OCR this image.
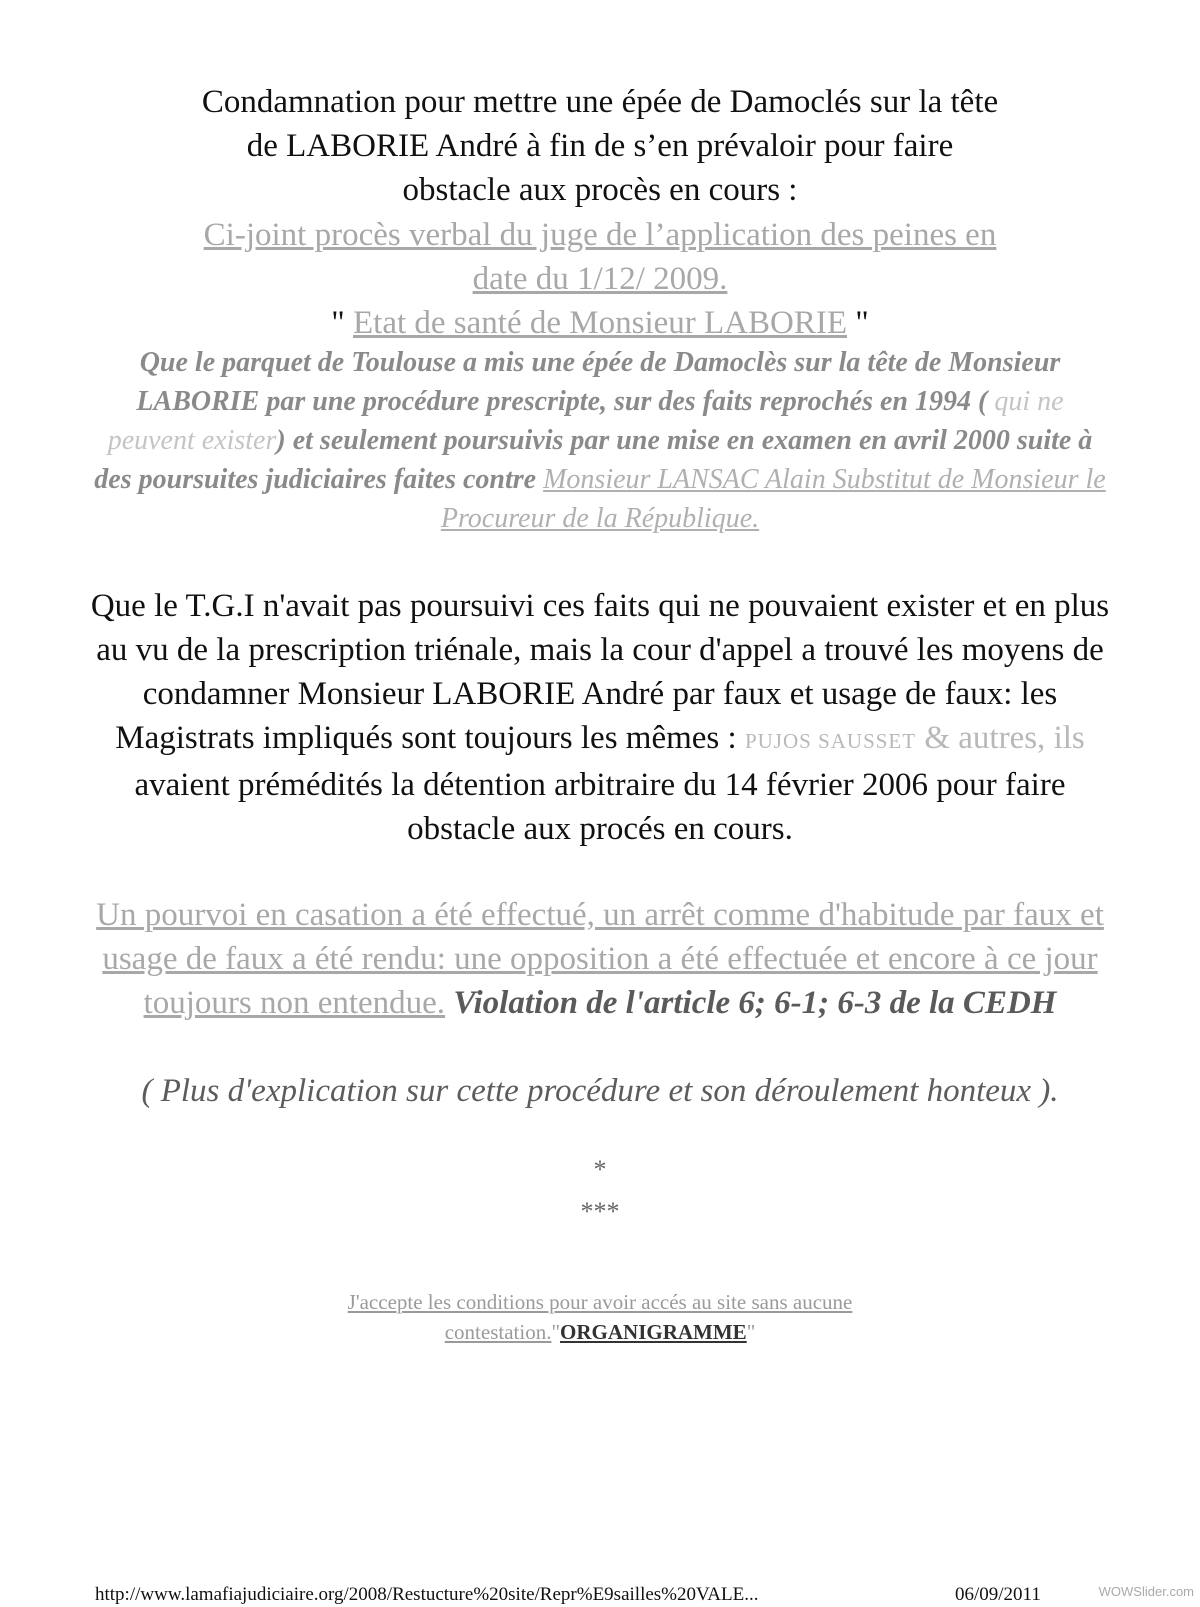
Condamnation pour mettre une épée de Damoclés sur la tête
de LABORIE André à fin de s’en prévaloir pour faire
obstacle aux procès en cours :
Ci-joint procès verbal du juge de l’application des peines en
date du 1/12/ 2009.
" Etat de santé de Monsieur LABORIE "
Que le parquet de Toulouse a mis une épée de Damoclès sur la tête de Monsieur LABORIE par une procédure prescripte, sur des faits reprochés en 1994 ( qui ne peuvent exister) et seulement poursuivis par une mise en examen en avril 2000 suite à des poursuites judiciaires faites contre Monsieur LANSAC Alain Substitut de Monsieur le Procureur de la République.
Que le T.G.I n'avait pas poursuivi ces faits qui ne pouvaient exister et en plus au vu de la prescription triénale, mais la cour d'appel a trouvé les moyens de condamner Monsieur LABORIE André par faux et usage de faux: les Magistrats impliqués sont toujours les mêmes : PUJOS SAUSSET & autres, ils avaient prémédités la détention arbitraire du 14 février 2006 pour faire obstacle aux procés en cours.
Un pourvoi en casation a été effectué, un arrêt comme d'habitude par faux et usage de faux a été rendu: une opposition a été effectuée et encore à ce jour toujours non entendue. Violation de l'article 6; 6-1; 6-3 de la CEDH
( Plus d'explication sur cette procédure et son déroulement honteux ).
*
***
J'accepte les conditions pour avoir accés au site sans aucune contestation."ORGANIGRAMME"
http://www.lamafiajudiciaire.org/2008/Restucture%20site/Repr%E9sailles%20VALE...	06/09/2011	WOWSlider.com
